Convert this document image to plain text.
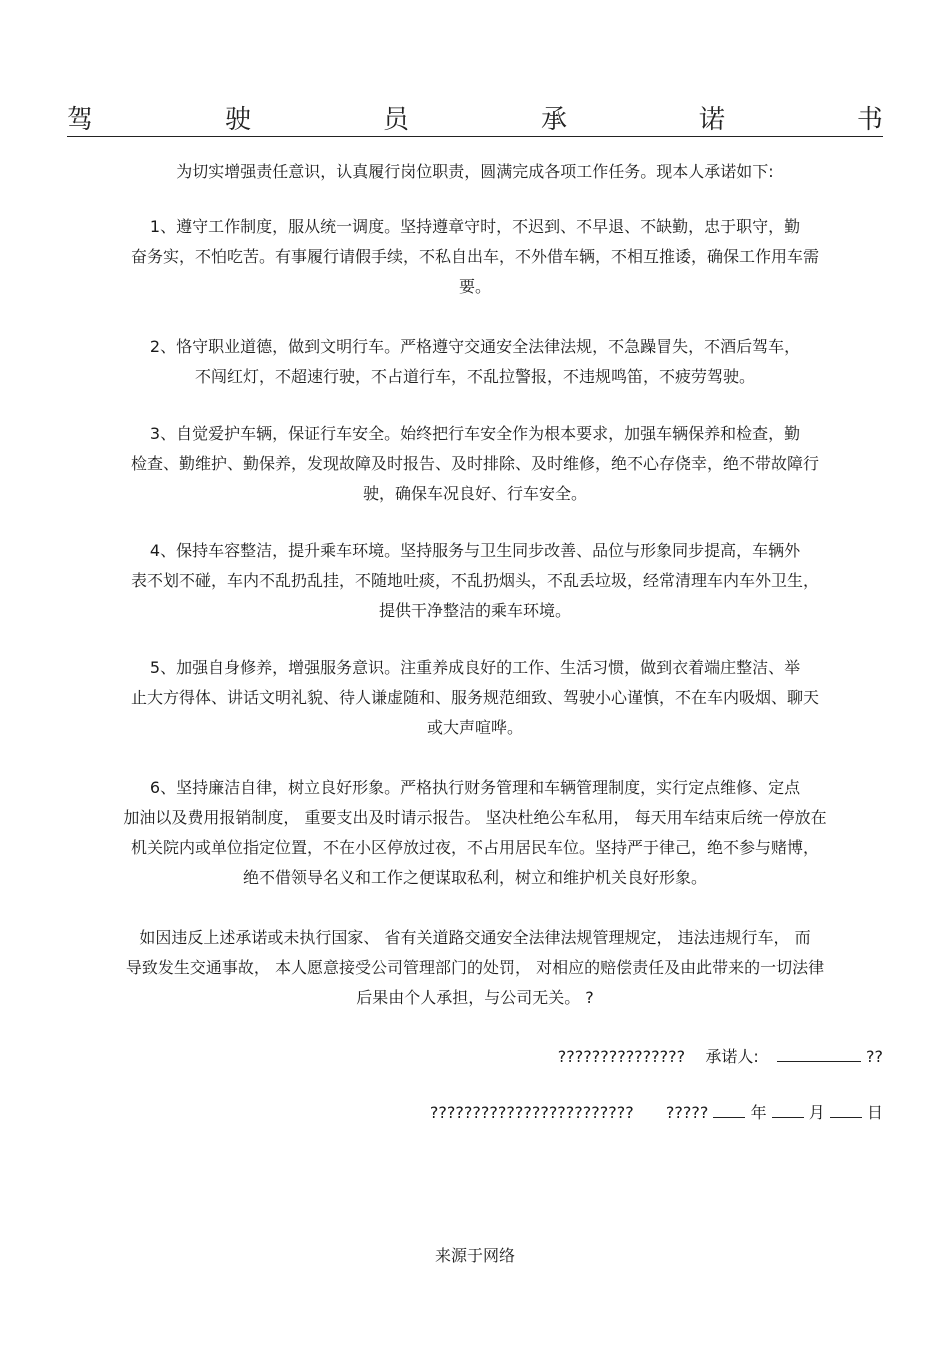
驾	驶	员	承	诺	书
为切实增强责任意识，认真履行岗位职责，圆满完成各项工作任务。现本人承诺如下:
1、遵守工作制度，服从统一调度。坚持遵章守时，不迟到、不早退、不缺勤，忠于职守，勤
奋务实，不怕吃苦。有事履行请假手续，不私自出车，不外借车辆，不相互推诿，确保工作用车需
要。
2、恪守职业道德，做到文明行车。严格遵守交通安全法律法规，不急躁冒失，不酒后驾车，
不闯红灯，不超速行驶，不占道行车，不乱拉警报，不违规鸣笛，不疲劳驾驶。
3、自觉爱护车辆，保证行车安全。始终把行车安全作为根本要求，加强车辆保养和检查，勤
检查、勤维护、勤保养，发现故障及时报告、及时排除、及时维修，绝不心存侥幸，绝不带故障行
驶，确保车况良好、行车安全。
4、保持车容整洁，提升乘车环境。坚持服务与卫生同步改善、品位与形象同步提高，车辆外
表不划不碰，车内不乱扔乱挂，不随地吐痰，不乱扔烟头，不乱丢垃圾，经常清理车内车外卫生，
提供干净整洁的乘车环境。
5、加强自身修养，增强服务意识。注重养成良好的工作、生活习惯，做到衣着端庄整洁、举
止大方得体、讲话文明礼貌、待人谦虚随和、服务规范细致、驾驶小心谨慎，不在车内吸烟、聊天
或大声喧哗。
6、坚持廉洁自律，树立良好形象。严格执行财务管理和车辆管理制度，实行定点维修、定点
加油以及费用报销制度， 重要支出及时请示报告。 坚决杜绝公车私用， 每天用车结束后统一停放在
机关院内或单位指定位置，不在小区停放过夜，不占用居民车位。坚持严于律己，绝不参与赌博，
绝不借领导名义和工作之便谋取私利，树立和维护机关良好形象。
如因违反上述承诺或未执行国家、 省有关道路交通安全法律法规管理规定， 违法违规行车， 而
导致发生交通事故， 本人愿意接受公司管理部门的处罚， 对相应的赔偿责任及由此带来的一切法律
后果由个人承担，与公司无关。 ?
??????????????? 承诺人:	??
???????????????????????? ?????	年	月	日
来源于网络
